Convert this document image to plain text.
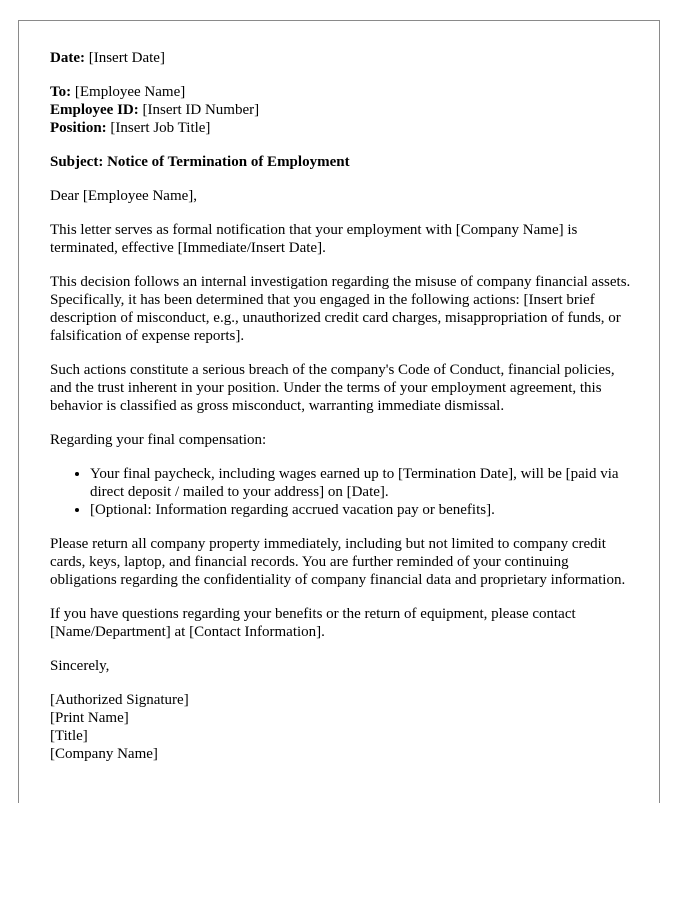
Date: [Insert Date]

To: [Employee Name]

Employee ID: [Insert ID Number]

Position: [Insert Job Title]

Subject: Notice of Termination of Employment

Dear [Employee Name],

This letter serves as formal notification that your employment with [Company Name] is terminated, effective [Immediate/Insert Date].

This decision follows an internal investigation regarding the misuse of company financial assets. Specifically, it has been determined that you engaged in the following actions: [Insert brief description of misconduct, e.g., unauthorized credit card charges, misappropriation of funds, or falsification of expense reports].

Such actions constitute a serious breach of the company's Code of Conduct, financial policies, and the trust inherent in your position. Under the terms of your employment agreement, this behavior is classified as gross misconduct, warranting immediate dismissal.

Regarding your final compensation:

• Your final paycheck, including wages earned up to [Termination Date], will be [paid via direct deposit / mailed to your address] on [Date].
• [Optional: Information regarding accrued vacation pay or benefits].

Please return all company property immediately, including but not limited to company credit cards, keys, laptop, and financial records. You are further reminded of your continuing obligations regarding the confidentiality of company financial data and proprietary information.

If you have questions regarding your benefits or the return of equipment, please contact [Name/Department] at [Contact Information].

Sincerely,

[Authorized Signature]

[Print Name]

[Title]

[Company Name]
